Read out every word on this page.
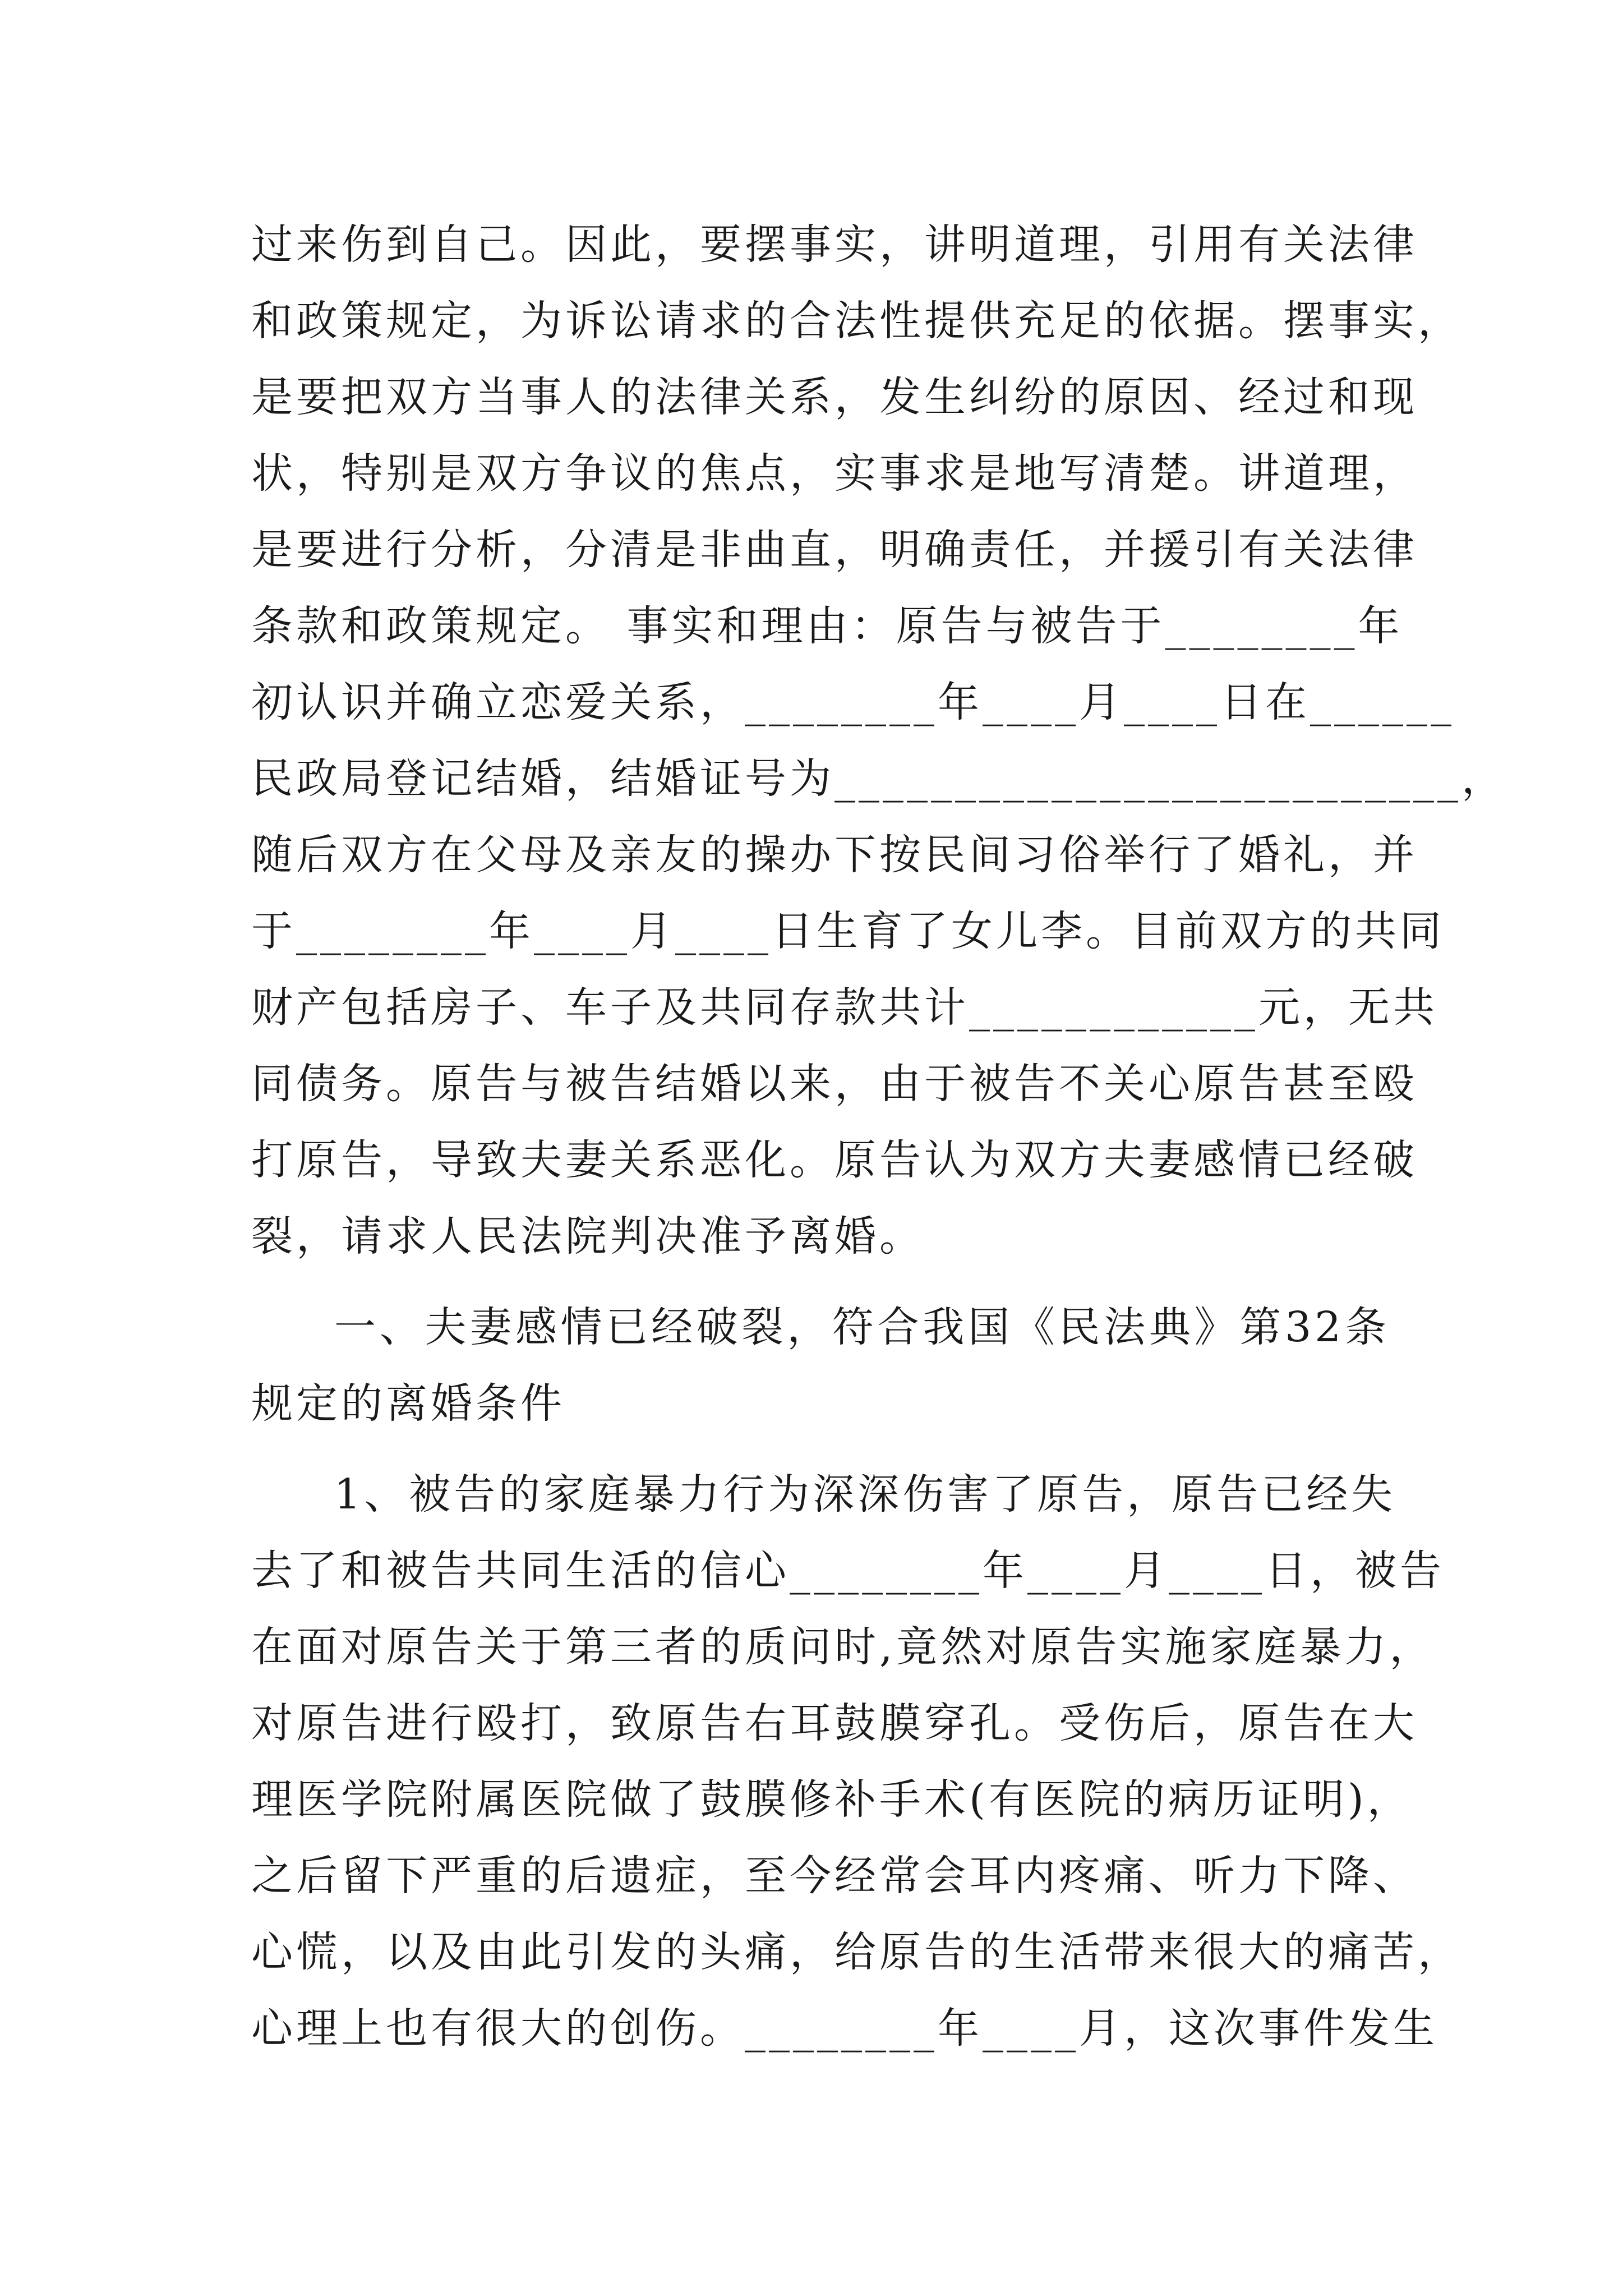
过来伤到自己。因此，要摆事实，讲明道理，引用有关法律
和政策规定，为诉讼请求的合法性提供充足的依据。摆事实，
是要把双方当事人的法律关系，发生纠纷的原因、经过和现
状，特别是双方争议的焦点，实事求是地写清楚。讲道理，
是要进行分析，分清是非曲直，明确责任，并援引有关法律
条款和政策规定。 事实和理由：原告与被告于________年
初认识并确立恋爱关系，________年____月____日在______
民政局登记结婚，结婚证号为__________________________，
随后双方在父母及亲友的操办下按民间习俗举行了婚礼，并
于________年____月____日生育了女儿李。目前双方的共同
财产包括房子、车子及共同存款共计____________元，无共
同债务。原告与被告结婚以来，由于被告不关心原告甚至殴
打原告，导致夫妻关系恶化。原告认为双方夫妻感情已经破
裂，请求人民法院判决准予离婚。
一、夫妻感情已经破裂，符合我国《民法典》第32条
规定的离婚条件
1、被告的家庭暴力行为深深伤害了原告，原告已经失
去了和被告共同生活的信心________年____月____日，被告
在面对原告关于第三者的质问时,竟然对原告实施家庭暴力，
对原告进行殴打，致原告右耳鼓膜穿孔。受伤后，原告在大
理医学院附属医院做了鼓膜修补手术(有医院的病历证明)，
之后留下严重的后遗症，至今经常会耳内疼痛、听力下降、
心慌，以及由此引发的头痛，给原告的生活带来很大的痛苦，
心理上也有很大的创伤。________年____月，这次事件发生
